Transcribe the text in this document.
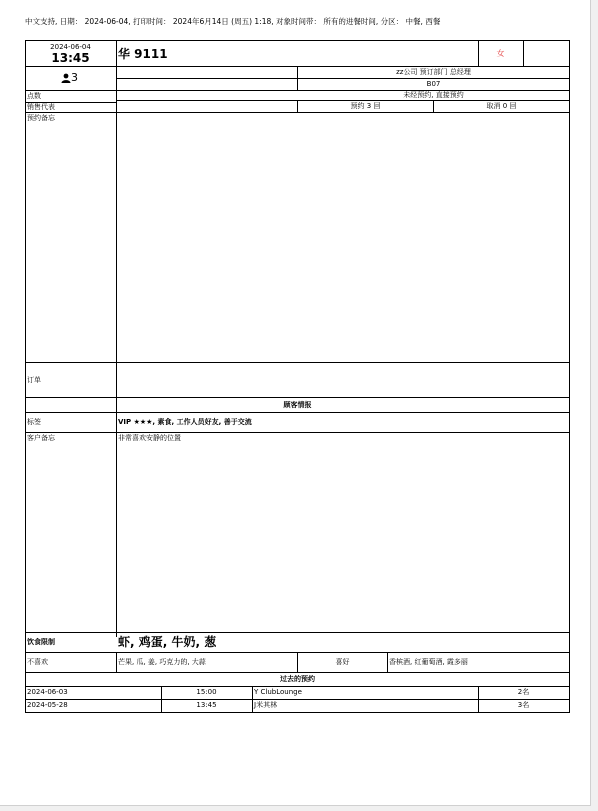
中文支持, 日期： 2024-06-04, 打印时间： 2024年6月14日 (周五) 1:18, 对象时间带： 所有的进餐时间, 分区： 中餐, 西餐
2024-06-04
13:45	华 9111	女
3	zz公司 预订部门 总经理
B07
点数	未经预约, 直接预约
销售代表	预约 3 回	取消 0 回
预约备忘
订单
顾客情报
标签	VIP ★★★, 素食, 工作人员好友, 善于交流
客户备忘	非常喜欢安静的位置
饮食限制	虾, 鸡蛋, 牛奶, 葱
不喜欢	芒果, 瓜, 姜, 巧克力的, 大蒜	喜好	香槟酒, 红葡萄酒, 霞多丽
过去的预约
2024-06-03	15:00	Y ClubLounge	2名
2024-05-28	13:45	J米其林	3名
